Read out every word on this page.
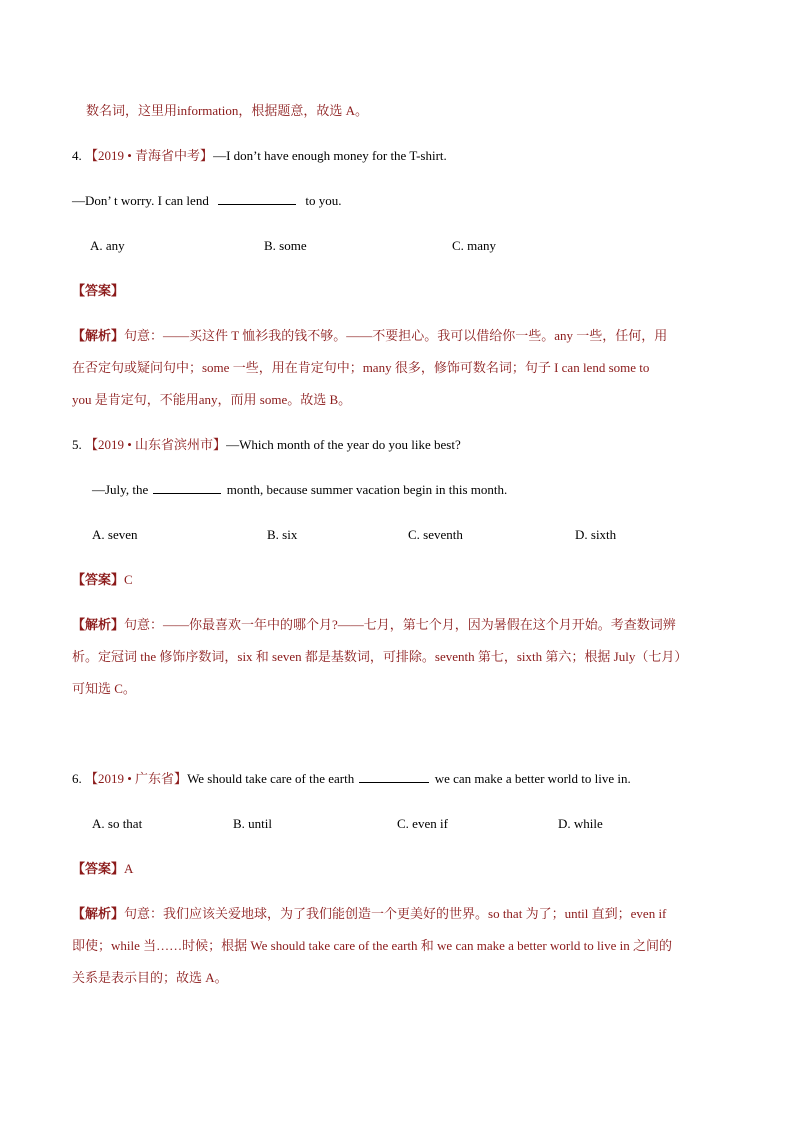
数名词，这里用information，根据题意，故选 A。
4. 【2019 • 青海省中考】—I don’t have enough money for the T-shirt.
—Don’ t worry. I can lend	to you.
A. any	B. some	C. many
【答案】
【解析】句意：——买这件 T 恤衫我的钱不够。——不要担心。我可以借给你一些。any 一些，任何，用
在否定句或疑问句中；some 一些，用在肯定句中；many 很多，修饰可数名词；句子 I can lend some to
you 是肯定句，不能用any，而用 some。故选 B。
5. 【2019 • 山东省滨州市】—Which month of the year do you like best?
—July, the	month, because summer vacation begin in this month.
A. seven	B. six	C. seventh	D. sixth
【答案】C
【解析】句意：——你最喜欢一年中的哪个月?——七月，第七个月，因为暑假在这个月开始。考查数词辨
析。定冠词 the 修饰序数词，six 和 seven 都是基数词，可排除。seventh 第七，sixth 第六；根据 July（七月）
可知选 C。
6. 【2019 • 广东省】We should take care of the earth	we can make a better world to live in.
A. so that	B. until	C. even if	D. while
【答案】A
【解析】句意：我们应该关爱地球，为了我们能创造一个更美好的世界。so that 为了；until 直到；even if
即使；while 当……时候；根据 We should take care of the earth 和 we can make a better world to live in 之间的
关系是表示目的；故选 A。
